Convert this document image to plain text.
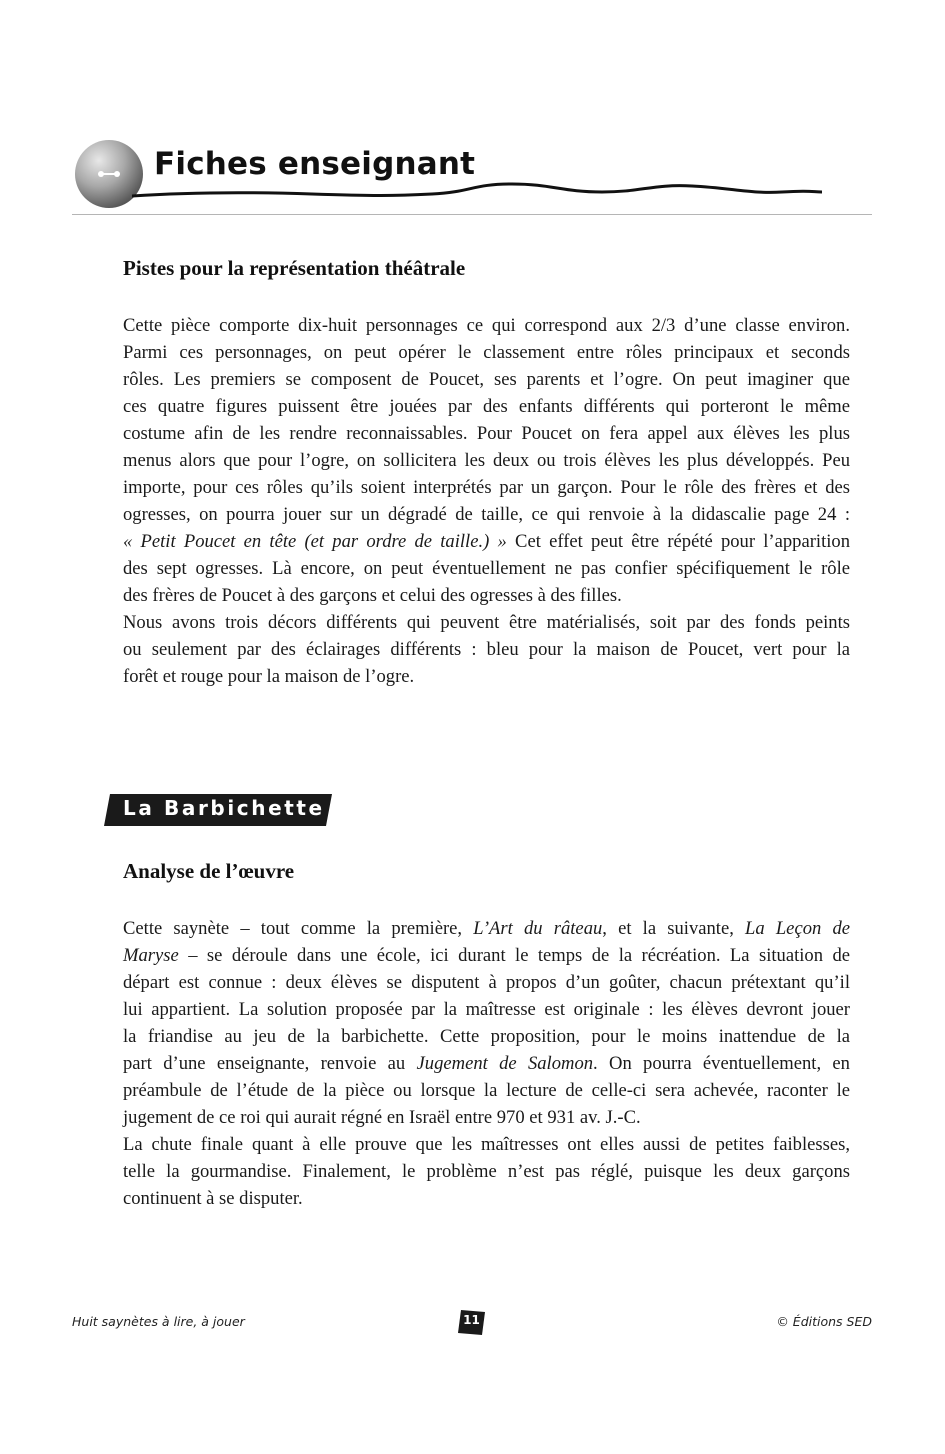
Fiches enseignant
Pistes pour la représentation théâtrale
Cette pièce comporte dix-huit personnages ce qui correspond aux 2/3 d’une classe environ.
Parmi ces personnages, on peut opérer le classement entre rôles principaux et seconds
rôles. Les premiers se composent de Poucet, ses parents et l’ogre. On peut imaginer que
ces quatre figures puissent être jouées par des enfants différents qui porteront le même
costume afin de les rendre reconnaissables. Pour Poucet on fera appel aux élèves les plus
menus alors que pour l’ogre, on sollicitera les deux ou trois élèves les plus développés. Peu
importe, pour ces rôles qu’ils soient interprétés par un garçon. Pour le rôle des frères et des
ogresses, on pourra jouer sur un dégradé de taille, ce qui renvoie à la didascalie page 24 :
« Petit Poucet en tête (et par ordre de taille.) » Cet effet peut être répété pour l’apparition
des sept ogresses. Là encore, on peut éventuellement ne pas confier spécifiquement le rôle
des frères de Poucet à des garçons et celui des ogresses à des filles.
Nous avons trois décors différents qui peuvent être matérialisés, soit par des fonds peints
ou seulement par des éclairages différents : bleu pour la maison de Poucet, vert pour la
forêt et rouge pour la maison de l’ogre.
La Barbichette
Analyse de l’œuvre
Cette saynète – tout comme la première, L’Art du râteau, et la suivante, La Leçon de
Maryse – se déroule dans une école, ici durant le temps de la récréation. La situation de
départ est connue : deux élèves se disputent à propos d’un goûter, chacun prétextant qu’il
lui appartient. La solution proposée par la maîtresse est originale : les élèves devront jouer
la friandise au jeu de la barbichette. Cette proposition, pour le moins inattendue de la
part d’une enseignante, renvoie au Jugement de Salomon. On pourra éventuellement, en
préambule de l’étude de la pièce ou lorsque la lecture de celle-ci sera achevée, raconter le
jugement de ce roi qui aurait régné en Israël entre 970 et 931 av. J.-C.
La chute finale quant à elle prouve que les maîtresses ont elles aussi de petites faiblesses,
telle la gourmandise. Finalement, le problème n’est pas réglé, puisque les deux garçons
continuent à se disputer.
Huit saynètes à lire, à jouer	11	© Éditions SED
